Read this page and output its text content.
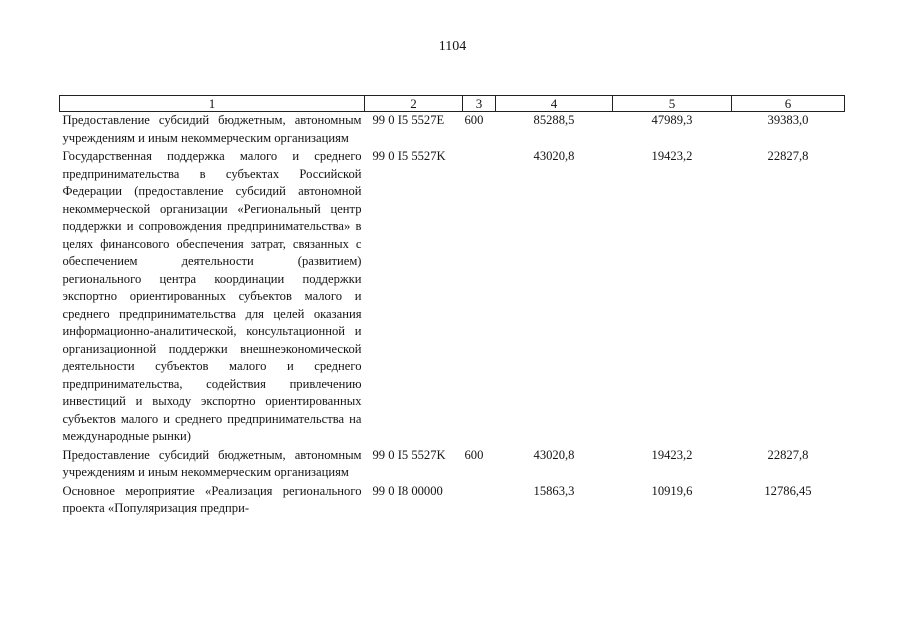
1104
1	2	3	4	5	6
Предоставление субсидий бюджетным, автономным учреждениям и иным некоммерческим организациям	99 0 I5 5527E	600	85288,5	47989,3	39383,0
Государственная поддержка малого и среднего предпринимательства в субъектах Российской Федерации (предоставление субсидий автономной некоммерческой организации «Региональный центр поддержки и сопровождения предпринимательства» в целях финансового обеспечения затрат, связанных с обеспечением деятельности (развитием) регионального центра координации поддержки экспортно ориентированных субъектов малого и среднего предпринимательства для целей оказания информационно-аналитической, консультационной и организационной поддержки внешнеэкономической деятельности субъектов малого и среднего предпринимательства, содействия привлечению инвестиций и выходу экспортно ориентированных субъектов малого и среднего предпринимательства на международные рынки)	99 0 I5 5527K		43020,8	19423,2	22827,8
Предоставление субсидий бюджетным, автономным учреждениям и иным некоммерческим организациям	99 0 I5 5527K	600	43020,8	19423,2	22827,8
Основное мероприятие «Реализация регионального проекта «Популяризация предпри-	99 0 I8 00000		15863,3	10919,6	12786,45
